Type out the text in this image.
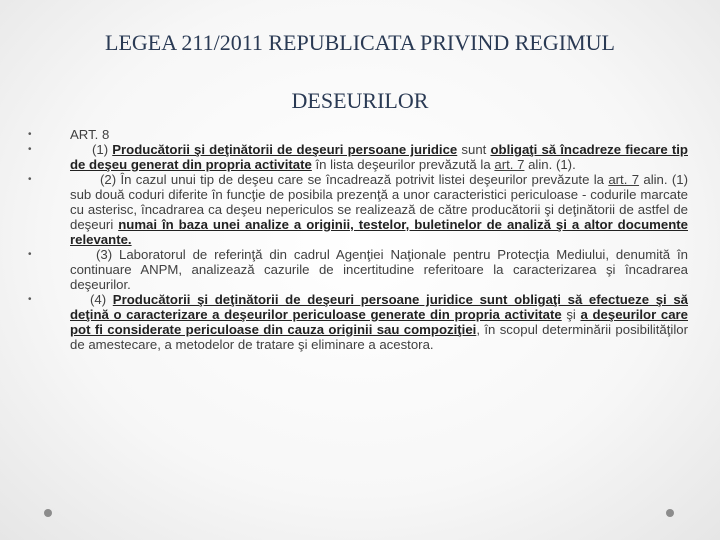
LEGEA 211/2011 REPUBLICATA PRIVIND REGIMUL
DESEURILOR
•	ART. 8
•	(1) Producătorii şi deţinătorii de deşeuri persoane juridice sunt obligaţi să încadreze fiecare tip de deşeu generat din propria activitate în lista deşeurilor prevăzută la art. 7 alin. (1).
•	(2) În cazul unui tip de deşeu care se încadrează potrivit listei deşeurilor prevăzute la art. 7 alin. (1) sub două coduri diferite în funcţie de posibila prezenţă a unor caracteristici periculoase - codurile marcate cu asterisc, încadrarea ca deşeu nepericulos se realizează de către producătorii şi deţinătorii de astfel de deşeuri numai în baza unei analize a originii, testelor, buletinelor de analiză şi a altor documente relevante.
•	(3) Laboratorul de referinţă din cadrul Agenţiei Naţionale pentru Protecţia Mediului, denumită în continuare ANPM, analizează cazurile de incertitudine referitoare la caracterizarea şi încadrarea deşeurilor.
•	(4) Producătorii şi deţinătorii de deşeuri persoane juridice sunt obligaţi să efectueze şi să deţină o caracterizare a deşeurilor periculoase generate din propria activitate şi a deşeurilor care pot fi considerate periculoase din cauza originii sau compoziţiei, în scopul determinării posibilităţilor de amestecare, a metodelor de tratare şi eliminare a acestora.
